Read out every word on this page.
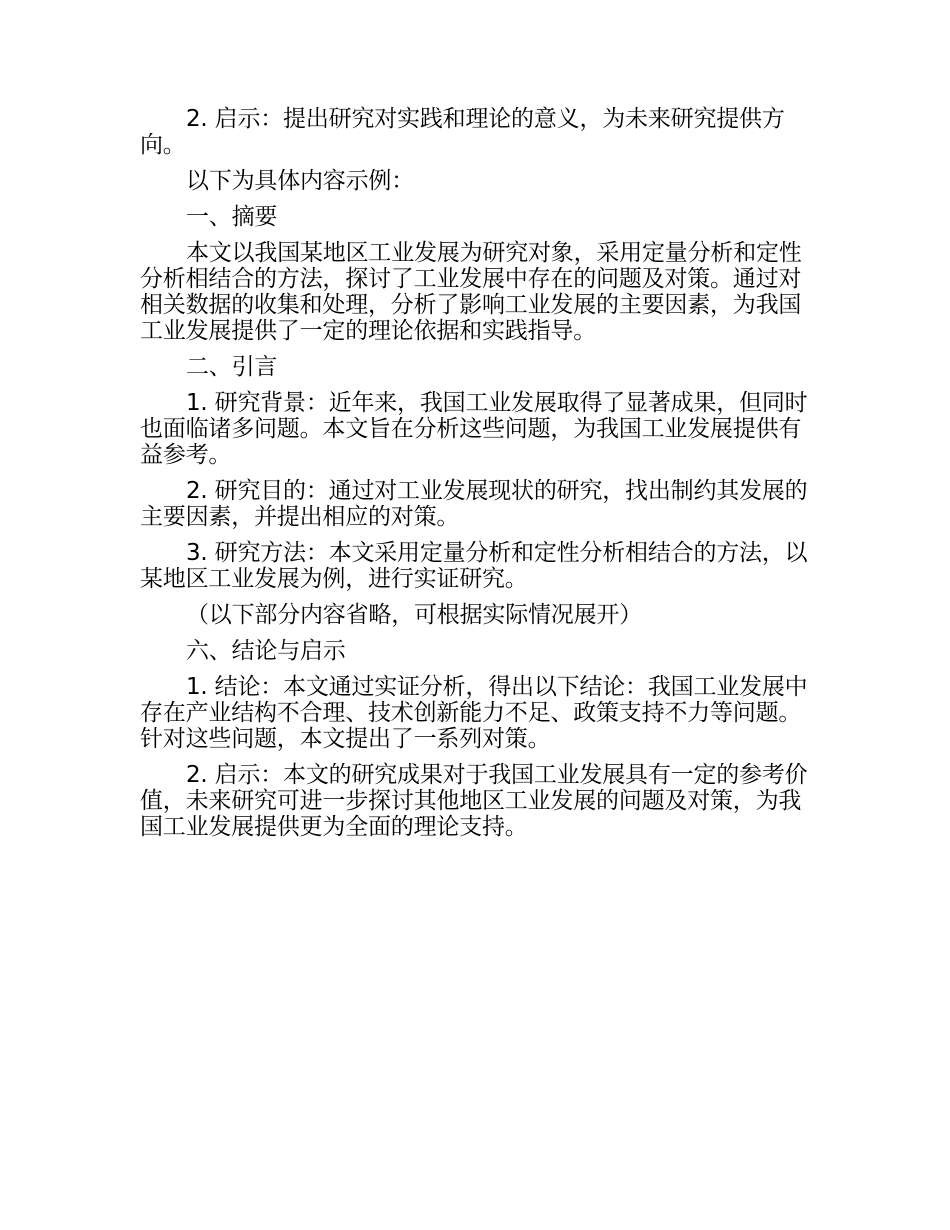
2. 启示：提出研究对实践和理论的意义，为未来研究提供方向。

以下为具体内容示例：

一、摘要

本文以我国某地区工业发展为研究对象，采用定量分析和定性分析相结合的方法，探讨了工业发展中存在的问题及对策。通过对相关数据的收集和处理，分析了影响工业发展的主要因素，为我国工业发展提供了一定的理论依据和实践指导。

二、引言

1. 研究背景：近年来，我国工业发展取得了显著成果，但同时也面临诸多问题。本文旨在分析这些问题，为我国工业发展提供有益参考。

2. 研究目的：通过对工业发展现状的研究，找出制约其发展的主要因素，并提出相应的对策。

3. 研究方法：本文采用定量分析和定性分析相结合的方法，以某地区工业发展为例，进行实证研究。

（以下部分内容省略，可根据实际情况展开）

六、结论与启示

1. 结论：本文通过实证分析，得出以下结论：我国工业发展中存在产业结构不合理、技术创新能力不足、政策支持不力等问题。针对这些问题，本文提出了一系列对策。

2. 启示：本文的研究成果对于我国工业发展具有一定的参考价值，未来研究可进一步探讨其他地区工业发展的问题及对策，为我国工业发展提供更为全面的理论支持。
